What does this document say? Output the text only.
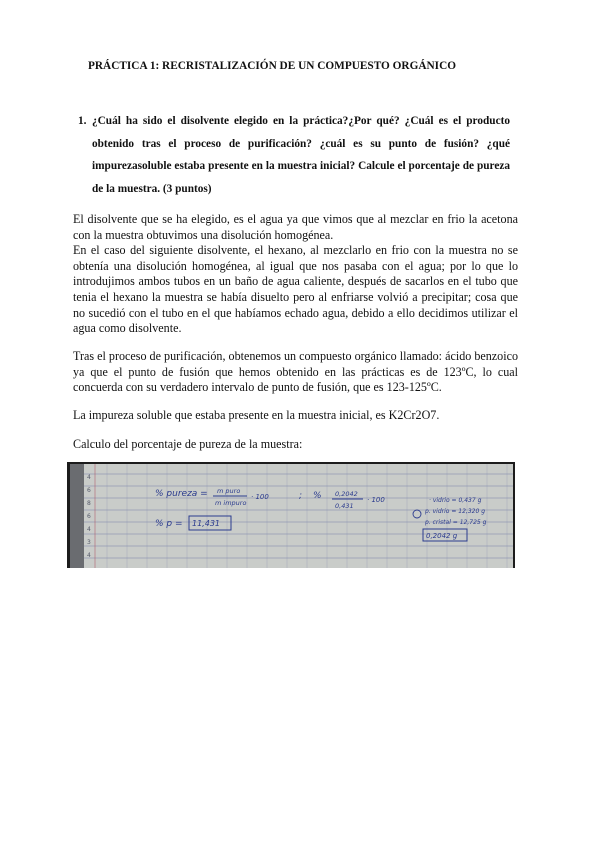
PRÁCTICA 1: RECRISTALIZACIÓN DE UN COMPUESTO ORGÁNICO
1. ¿Cuál ha sido el disolvente elegido en la práctica?¿Por qué? ¿Cuál es el producto obtenido tras el proceso de purificación? ¿cuál es su punto de fusión? ¿qué impurezasoluble estaba presente en la muestra inicial? Calcule el porcentaje de pureza de la muestra. (3 puntos)

El disolvente que se ha elegido, es el agua ya que vimos que al mezclar en frio la acetona con la muestra obtuvimos una disolución homogénea.

En el caso del siguiente disolvente, el hexano, al mezclarlo en frio con la muestra no se obtenía una disolución homogénea, al igual que nos pasaba con el agua; por lo que lo introdujimos ambos tubos en un baño de agua caliente, después de sacarlos en el tubo que tenia el hexano la muestra se había disuelto pero al enfriarse volvió a precipitar; cosa que no sucedió con el tubo en el que habíamos echado agua, debido a ello decidimos utilizar el agua como disolvente.

Tras el proceso de purificación, obtenemos un compuesto orgánico llamado: ácido benzoico ya que el punto de fusión que hemos obtenido en las prácticas es de 123ºC, lo cual concuerda con su verdadero intervalo de punto de fusión, que es 123-125ºC.

La impureza soluble que estaba presente en la muestra inicial, es K2Cr2O7.

Calculo del porcentaje de pureza de la muestra:

4
6
8
6
4
3
4
% pureza = m puro
m impuro
· 100	; % 0,2042
0,431
· 100
% p = 11,431
· vidrio = 0,437 g
p. vidrio = 12,320 g
p. cristal = 12,725 g
0,2042 g
